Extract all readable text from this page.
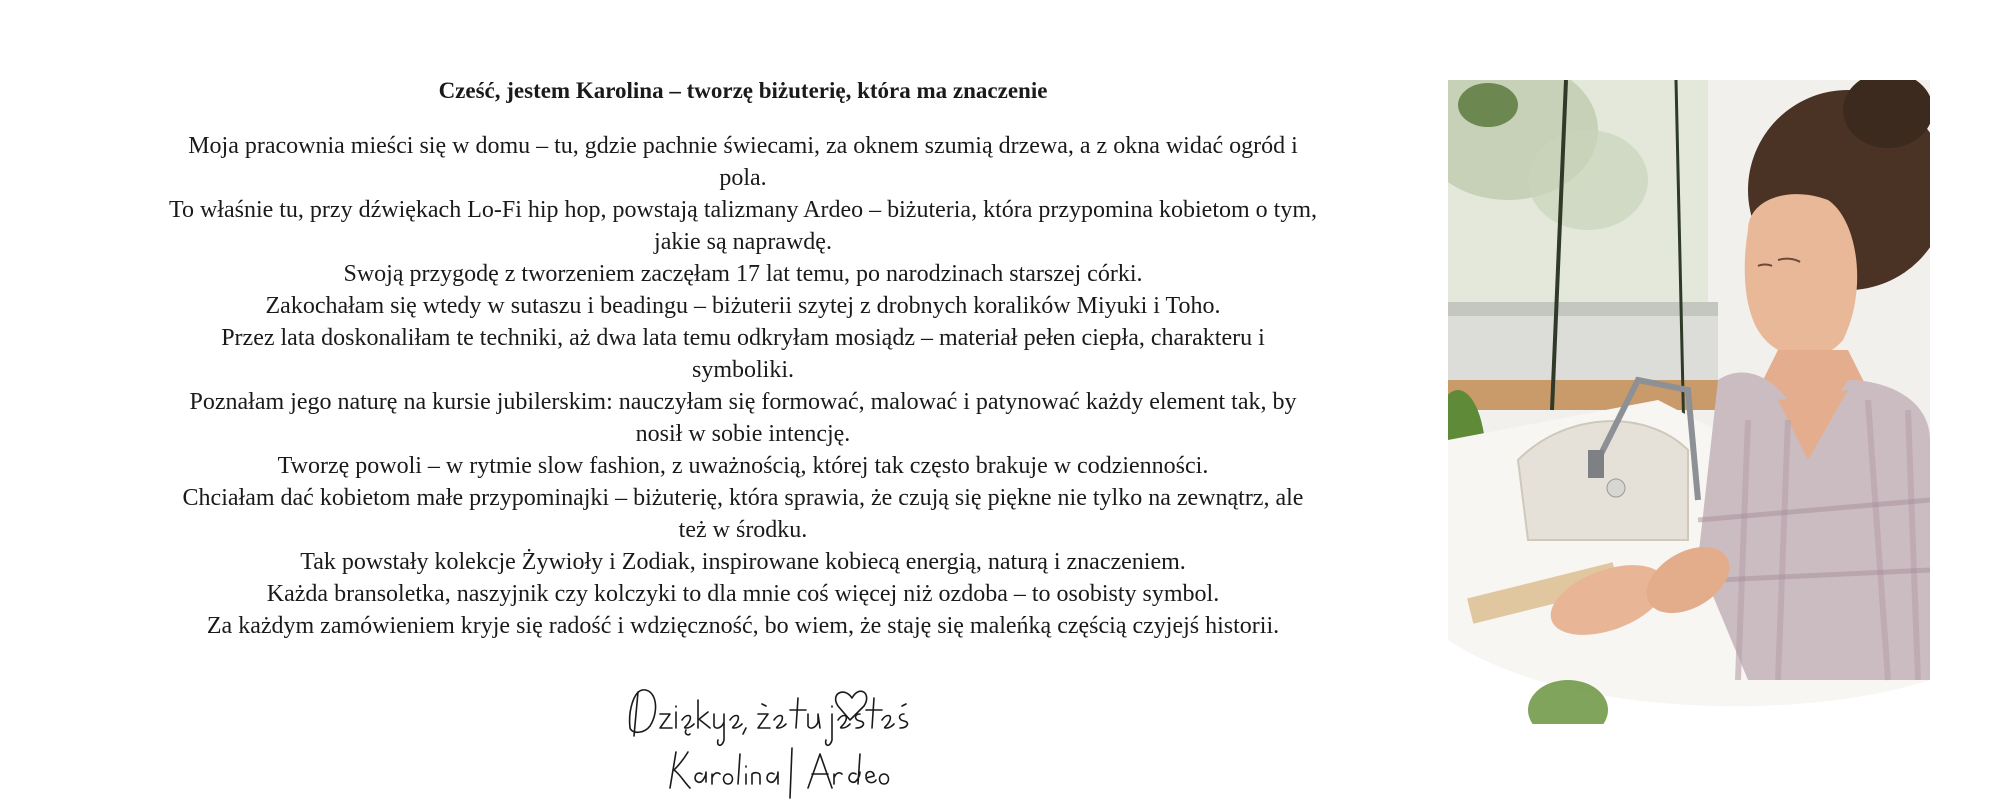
Cześć, jestem Karolina – tworzę biżuterię, która ma znaczenie

Moja pracownia mieści się w domu – tu, gdzie pachnie świecami, za oknem szumią drzewa, a z okna widać ogród i
pola.
To właśnie tu, przy dźwiękach Lo-Fi hip hop, powstają talizmany Ardeo – biżuteria, która przypomina kobietom o tym,
jakie są naprawdę.
Swoją przygodę z tworzeniem zaczęłam 17 lat temu, po narodzinach starszej córki.
Zakochałam się wtedy w sutaszu i beadingu – biżuterii szytej z drobnych koralików Miyuki i Toho.
Przez lata doskonaliłam te techniki, aż dwa lata temu odkryłam mosiądz – materiał pełen ciepła, charakteru i
symboliki.
Poznałam jego naturę na kursie jubilerskim: nauczyłam się formować, malować i patynować każdy element tak, by
nosił w sobie intencję.
Tworzę powoli – w rytmie slow fashion, z uważnością, której tak często brakuje w codzienności.
Chciałam dać kobietom małe przypominajki – biżuterię, która sprawia, że czują się piękne nie tylko na zewnątrz, ale
też w środku.
Tak powstały kolekcje Żywioły i Zodiak, inspirowane kobiecą energią, naturą i znaczeniem.
Każda bransoletka, naszyjnik czy kolczyki to dla mnie coś więcej niż ozdoba – to osobisty symbol.
Za każdym zamówieniem kryje się radość i wdzięczność, bo wiem, że staję się maleńką częścią czyjejś historii.
